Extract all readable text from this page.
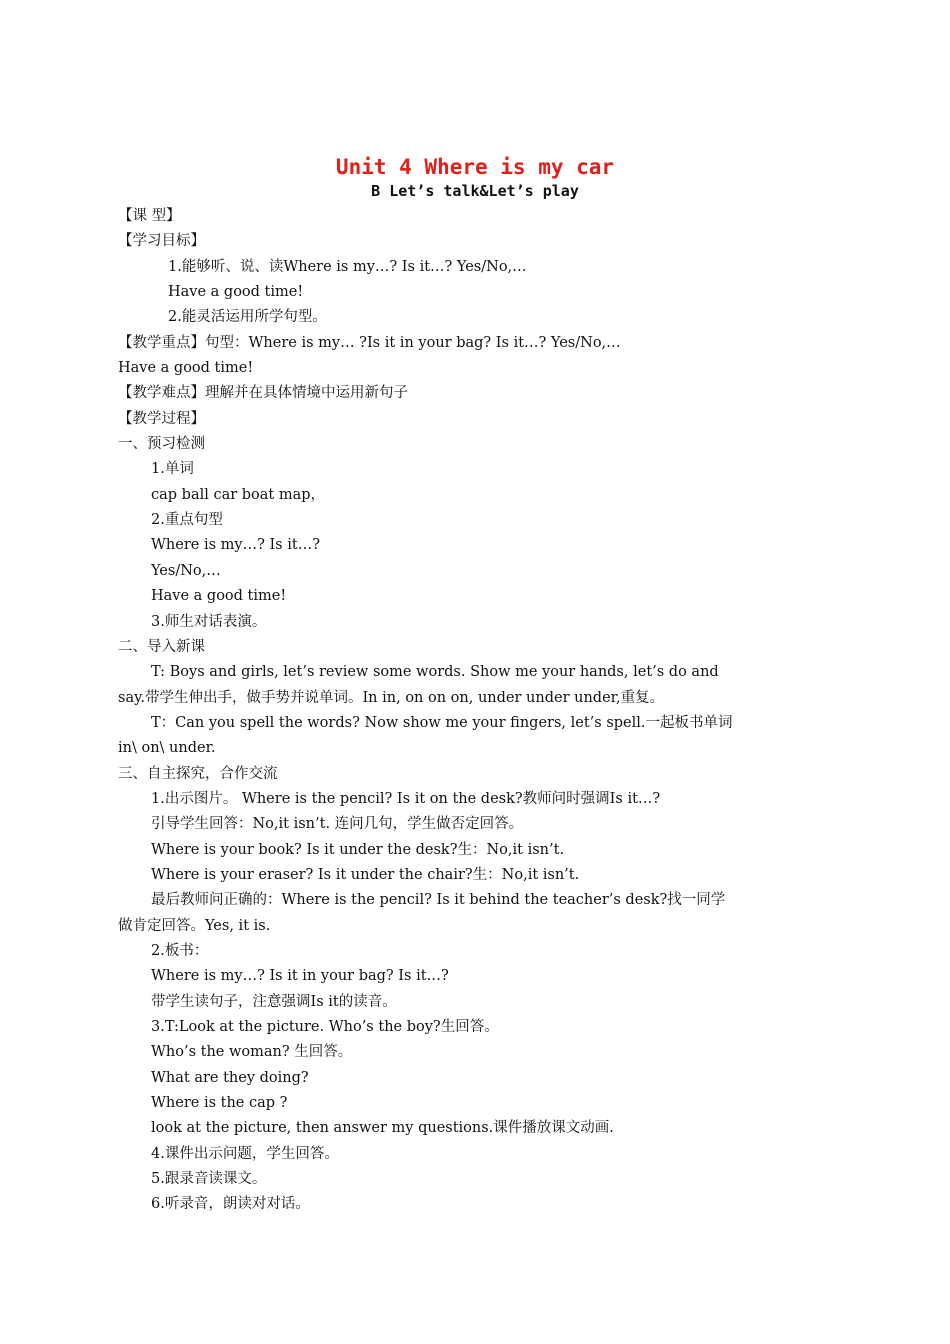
Unit 4 Where is my car
B Let’s talk&Let’s play
【课 型】
【学习目标】
1.能够听、说、读Where is my…? Is it…? Yes/No,…
Have a good time!
2.能灵活运用所学句型。
【教学重点】句型：Where is my… ?Is it in your bag? Is it…? Yes/No,…
Have a good time!
【教学难点】理解并在具体情境中运用新句子
【教学过程】
一、预习检测
1.单词
cap ball car boat map，
2.重点句型
Where is my…? Is it…?
Yes/No,…
Have a good time!
3.师生对话表演。
二、导入新课
T: Boys and girls, let’s review some words. Show me your hands, let’s do and
say.带学生伸出手，做手势并说单词。In in, on on on, under under under,重复。
T：Can you spell the words? Now show me your fingers, let’s spell.一起板书单词
in\ on\ under.
三、自主探究，合作交流
1.出示图片。 Where is the pencil? Is it on the desk?教师问时强调Is it…?
引导学生回答：No,it isn’t. 连问几句，学生做否定回答。
Where is your book? Is it under the desk?生：No,it isn’t.
Where is your eraser? Is it under the chair?生：No,it isn’t.
最后教师问正确的：Where is the pencil? Is it behind the teacher’s desk?找一同学
做肯定回答。Yes, it is.
2.板书：
Where is my…? Is it in your bag? Is it…?
带学生读句子，注意强调Is it的读音。
3.T:Look at the picture. Who’s the boy?生回答。
Who’s the woman? 生回答。
What are they doing?
Where is the cap ?
look at the picture, then answer my questions.课件播放课文动画.
4.课件出示问题，学生回答。
5.跟录音读课文。
6.听录音，朗读对对话。
